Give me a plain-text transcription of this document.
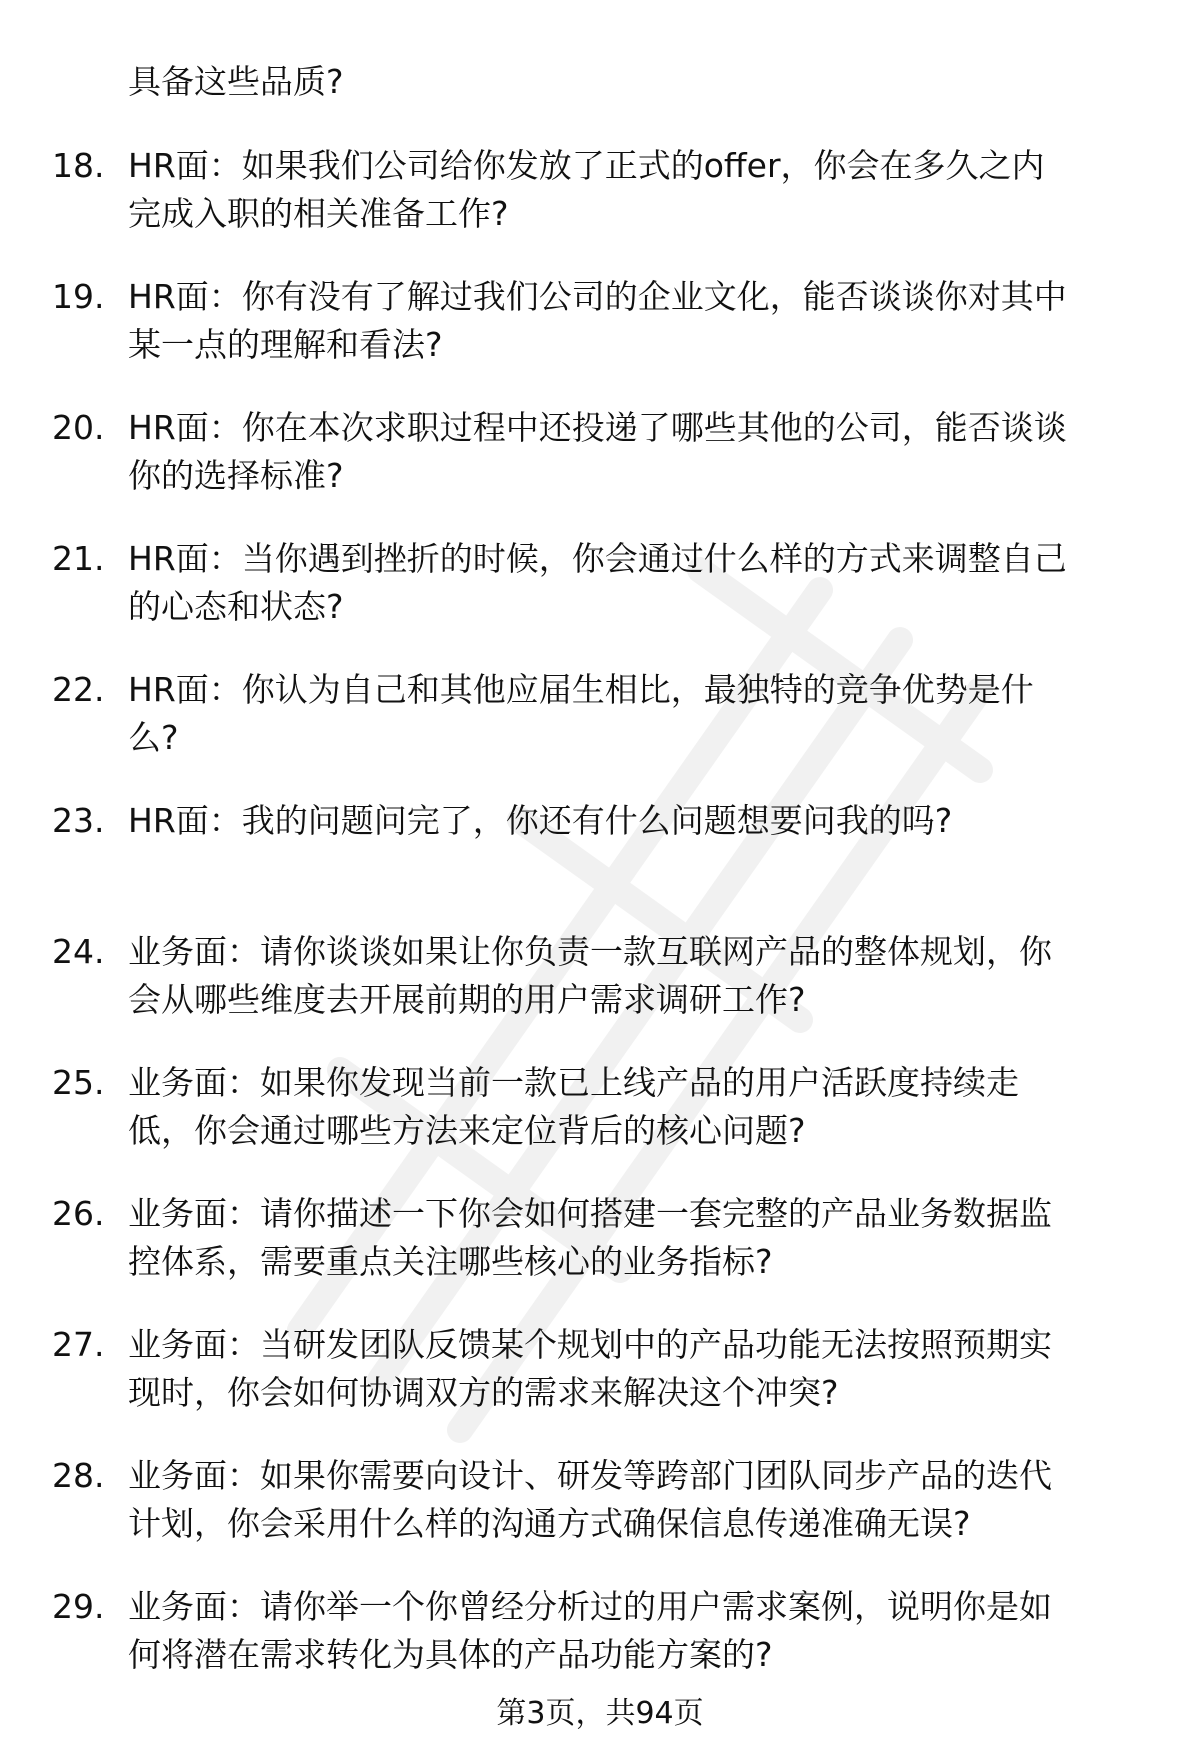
具备这些品质?
18. HR面：如果我们公司给你发放了正式的offer，你会在多久之内
完成入职的相关准备工作?
19. HR面：你有没有了解过我们公司的企业文化，能否谈谈你对其中
某一点的理解和看法?
20. HR面：你在本次求职过程中还投递了哪些其他的公司，能否谈谈
你的选择标准?
21. HR面：当你遇到挫折的时候，你会通过什么样的方式来调整自己
的心态和状态?
22. HR面：你认为自己和其他应届生相比，最独特的竞争优势是什
么?
23. HR面：我的问题问完了，你还有什么问题想要问我的吗?
24. 业务面：请你谈谈如果让你负责一款互联网产品的整体规划，你
会从哪些维度去开展前期的用户需求调研工作?
25. 业务面：如果你发现当前一款已上线产品的用户活跃度持续走
低，你会通过哪些方法来定位背后的核心问题?
26. 业务面：请你描述一下你会如何搭建一套完整的产品业务数据监
控体系，需要重点关注哪些核心的业务指标?
27. 业务面：当研发团队反馈某个规划中的产品功能无法按照预期实
现时，你会如何协调双方的需求来解决这个冲突?
28. 业务面：如果你需要向设计、研发等跨部门团队同步产品的迭代
计划，你会采用什么样的沟通方式确保信息传递准确无误?
29. 业务面：请你举一个你曾经分析过的用户需求案例，说明你是如
何将潜在需求转化为具体的产品功能方案的?
第3页，共94页
